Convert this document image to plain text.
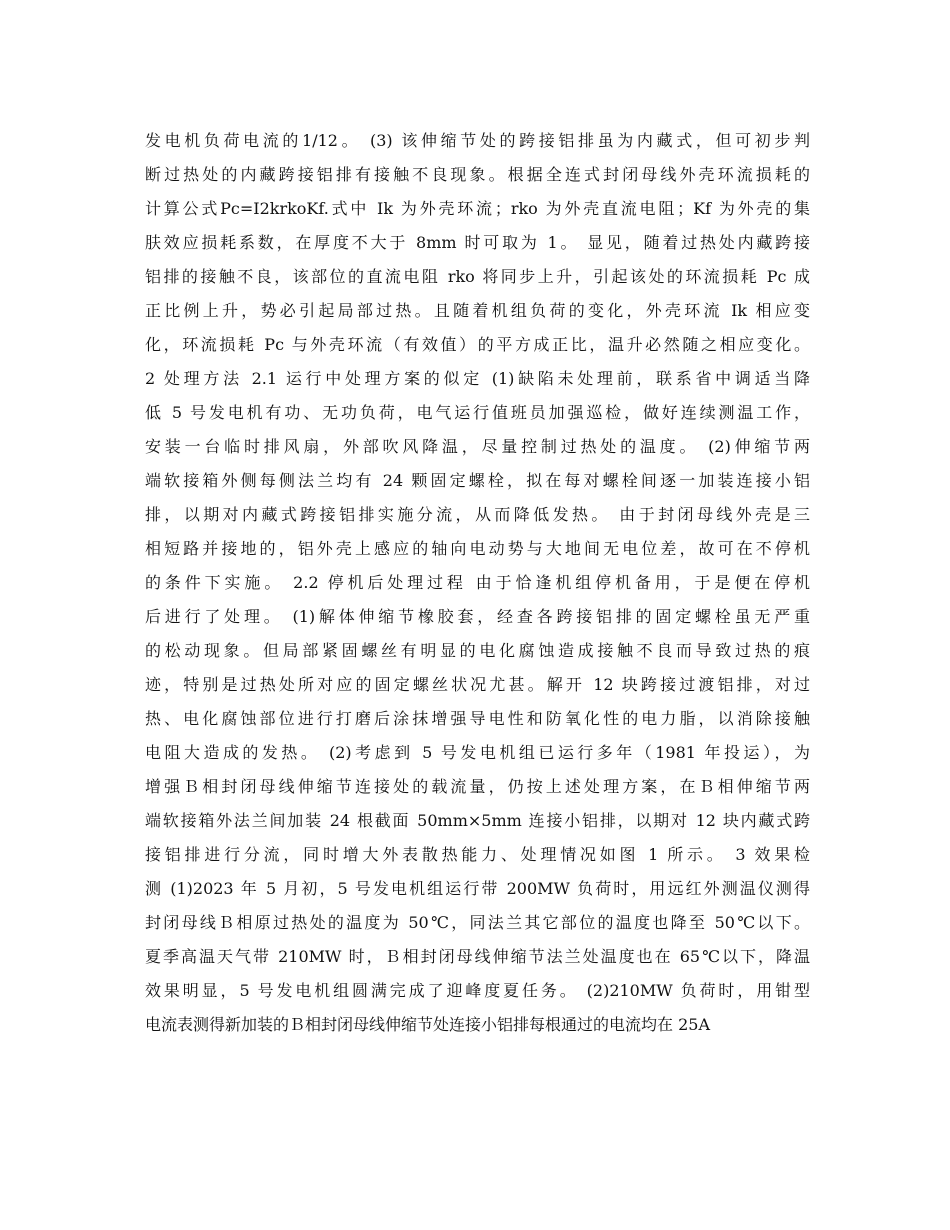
发电机负荷电流的1/12。 (3) 该伸缩节处的跨接铝排虽为内藏式，但可初步判
断过热处的内藏跨接铝排有接触不良现象。根据全连式封闭母线外壳环流损耗的
计算公式Pc=I2krkoKf.式中 Ik 为外壳环流；rko 为外壳直流电阻；Kf 为外壳的集
肤效应损耗系数，在厚度不大于 8mm 时可取为 1。 显见，随着过热处内藏跨接
铝排的接触不良，该部位的直流电阻 rko 将同步上升，引起该处的环流损耗 Pc 成
正比例上升，势必引起局部过热。且随着机组负荷的变化，外壳环流 Ik 相应变
化，环流损耗 Pc 与外壳环流（有效值）的平方成正比，温升必然随之相应变化。
2 处理方法 2.1 运行中处理方案的似定 (1)缺陷未处理前，联系省中调适当降
低 5 号发电机有功、无功负荷，电气运行值班员加强巡检，做好连续测温工作，
安装一台临时排风扇，外部吹风降温，尽量控制过热处的温度。 (2)伸缩节两
端软接箱外侧每侧法兰均有 24 颗固定螺栓，拟在每对螺栓间逐一加装连接小铝
排，以期对内藏式跨接铝排实施分流，从而降低发热。 由于封闭母线外壳是三
相短路并接地的，铝外壳上感应的轴向电动势与大地间无电位差，故可在不停机
的条件下实施。 2.2 停机后处理过程 由于恰逢机组停机备用，于是便在停机
后进行了处理。 (1)解体伸缩节橡胶套，经查各跨接铝排的固定螺栓虽无严重
的松动现象。但局部紧固螺丝有明显的电化腐蚀造成接触不良而导致过热的痕
迹，特别是过热处所对应的固定螺丝状况尤甚。解开 12 块跨接过渡铝排，对过
热、电化腐蚀部位进行打磨后涂抹增强导电性和防氧化性的电力脂，以消除接触
电阻大造成的发热。 (2)考虑到 5 号发电机组已运行多年（1981 年投运），为
增强Ｂ相封闭母线伸缩节连接处的载流量，仍按上述处理方案，在Ｂ相伸缩节两
端软接箱外法兰间加装 24 根截面 50mm×5mm 连接小铝排，以期对 12 块内藏式跨
接铝排进行分流，同时增大外表散热能力、处理情况如图 1 所示。 3 效果检
测 (1)2023 年 5 月初，5 号发电机组运行带 200MW 负荷时，用远红外测温仪测得
封闭母线Ｂ相原过热处的温度为 50℃，同法兰其它部位的温度也降至 50℃以下。
夏季高温天气带 210MW 时，Ｂ相封闭母线伸缩节法兰处温度也在 65℃以下，降温
效果明显，5 号发电机组圆满完成了迎峰度夏任务。 (2)210MW 负荷时，用钳型
电流表测得新加装的Ｂ相封闭母线伸缩节处连接小铝排每根通过的电流均在 25A
